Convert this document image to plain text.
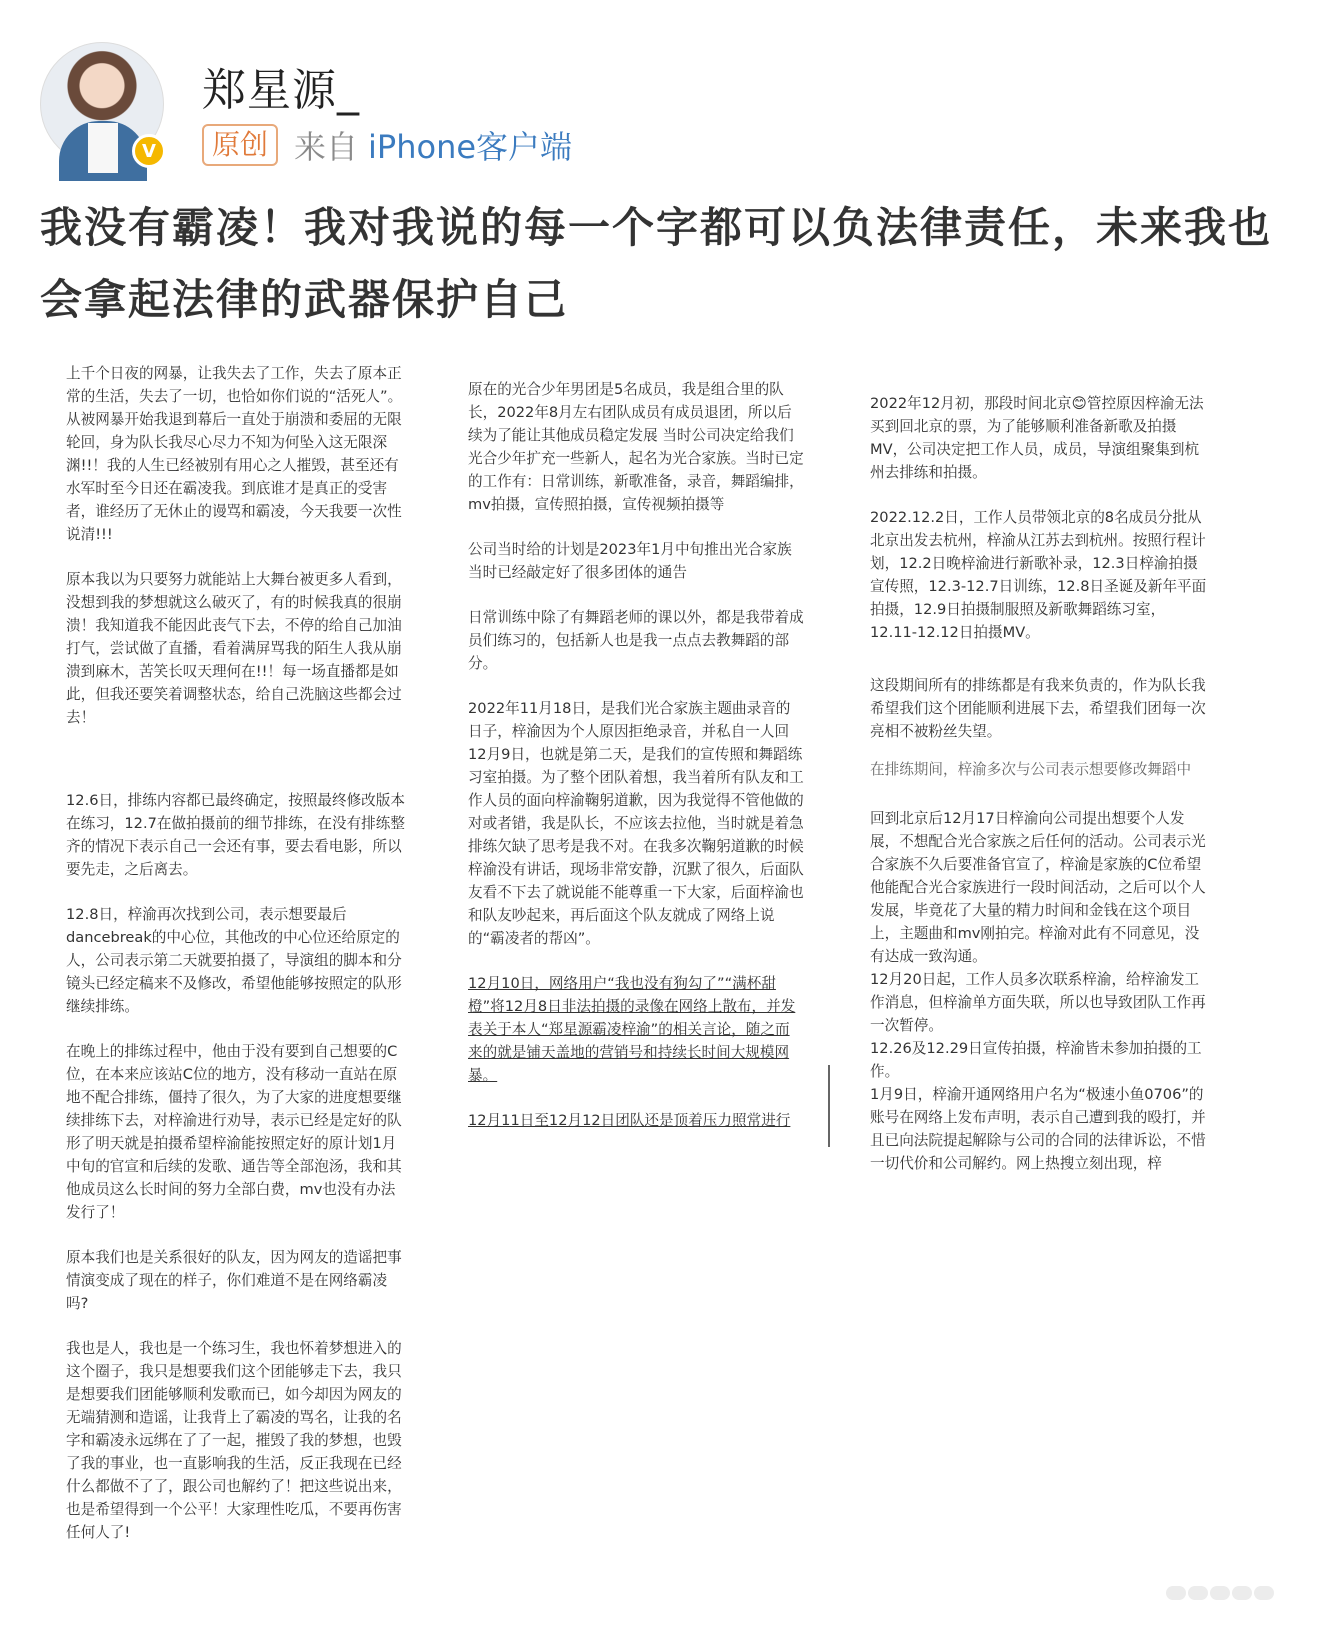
V
郑星源_
原创 来自 iPhone客户端
我没有霸凌！我对我说的每一个字都可以负法律责任，未来我也会拿起法律的武器保护自己

上千个日夜的网暴，让我失去了工作，失去了原本正常的生活，失去了一切，也恰如你们说的“活死人”。从被网暴开始我退到幕后一直处于崩溃和委屈的无限轮回，身为队长我尽心尽力不知为何坠入这无限深渊!!！我的人生已经被别有用心之人摧毁，甚至还有水军时至今日还在霸凌我。到底谁才是真正的受害者，谁经历了无休止的谩骂和霸凌，今天我要一次性说清!!!

原本我以为只要努力就能站上大舞台被更多人看到，没想到我的梦想就这么破灭了，有的时候我真的很崩溃！我知道我不能因此丧气下去，不停的给自己加油打气，尝试做了直播，看着满屏骂我的陌生人我从崩溃到麻木，苦笑长叹天理何在!!！每一场直播都是如此，但我还要笑着调整状态，给自己洗脑这些都会过去！

12.6日，排练内容都已最终确定，按照最终修改版本在练习，12.7在做拍摄前的细节排练，在没有排练整齐的情况下表示自己一会还有事，要去看电影，所以要先走，之后离去。

12.8日，梓渝再次找到公司，表示想要最后dancebreak的中心位，其他改的中心位还给原定的人，公司表示第二天就要拍摄了，导演组的脚本和分镜头已经定稿来不及修改，希望他能够按照定的队形继续排练。

在晚上的排练过程中，他由于没有要到自己想要的C位，在本来应该站C位的地方，没有移动一直站在原地不配合排练，僵持了很久，为了大家的进度想要继续排练下去，对梓渝进行劝导，表示已经是定好的队形了明天就是拍摄希望梓渝能按照定好的原计划1月中旬的官宣和后续的发歌、通告等全部泡汤，我和其他成员这么长时间的努力全部白费，mv也没有办法发行了！

原本我们也是关系很好的队友，因为网友的造谣把事情演变成了现在的样子，你们难道不是在网络霸凌吗?

我也是人，我也是一个练习生，我也怀着梦想进入的这个圈子，我只是想要我们这个团能够走下去，我只是想要我们团能够顺利发歌而已，如今却因为网友的无端猜测和造谣，让我背上了霸凌的骂名，让我的名字和霸凌永远绑在了了一起，摧毁了我的梦想，也毁了我的事业，也一直影响我的生活，反正我现在已经什么都做不了了，跟公司也解约了！把这些说出来，也是希望得到一个公平！大家理性吃瓜，不要再伤害任何人了!

原在的光合少年男团是5名成员，我是组合里的队长，2022年8月左右团队成员有成员退团，所以后续为了能让其他成员稳定发展 当时公司决定给我们光合少年扩充一些新人，起名为光合家族。当时已定的工作有：日常训练，新歌准备，录音，舞蹈编排，mv拍摄，宣传照拍摄，宣传视频拍摄等

公司当时给的计划是2023年1月中旬推出光合家族当时已经敲定好了很多团体的通告

日常训练中除了有舞蹈老师的课以外，都是我带着成员们练习的，包括新人也是我一点点去教舞蹈的部分。

2022年11月18日，是我们光合家族主题曲录音的日子，梓渝因为个人原因拒绝录音，并私自一人回12月9日，也就是第二天，是我们的宣传照和舞蹈练习室拍摄。为了整个团队着想，我当着所有队友和工作人员的面向梓渝鞠躬道歉，因为我觉得不管他做的对或者错，我是队长，不应该去拉他，当时就是着急排练欠缺了思考是我不对。在我多次鞠躬道歉的时候梓渝没有讲话，现场非常安静，沉默了很久，后面队友看不下去了就说能不能尊重一下大家，后面梓渝也和队友吵起来，再后面这个队友就成了网络上说的“霸凌者的帮凶”。

12月10日，网络用户“我也没有狗勾了”“满杯甜橙”将12月8日非法拍摄的录像在网络上散布，并发表关于本人“郑星源霸凌梓渝”的相关言论，随之而来的就是铺天盖地的营销号和持续长时间大规模网暴。

12月11日至12月12日团队还是顶着压力照常进行

2022年12月初，那段时间北京😊管控原因梓渝无法买到回北京的票，为了能够顺利准备新歌及拍摄MV，公司决定把工作人员，成员，导演组聚集到杭州去排练和拍摄。

2022.12.2日，工作人员带领北京的8名成员分批从北京出发去杭州，梓渝从江苏去到杭州。按照行程计划，12.2日晚梓渝进行新歌补录，12.3日梓渝拍摄宣传照，12.3-12.7日训练，12.8日圣诞及新年平面拍摄，12.9日拍摄制服照及新歌舞蹈练习室，12.11-12.12日拍摄MV。

这段期间所有的排练都是有我来负责的，作为队长我希望我们这个团能顺利进展下去，希望我们团每一次亮相不被粉丝失望。

在排练期间，梓渝多次与公司表示想要修改舞蹈中

回到北京后12月17日梓渝向公司提出想要个人发展，不想配合光合家族之后任何的活动。公司表示光合家族不久后要准备官宣了，梓渝是家族的C位希望他能配合光合家族进行一段时间活动，之后可以个人发展，毕竟花了大量的精力时间和金钱在这个项目上，主题曲和mv刚拍完。梓渝对此有不同意见，没有达成一致沟通。

12月20日起，工作人员多次联系梓渝，给梓渝发工作消息，但梓渝单方面失联，所以也导致团队工作再一次暂停。

12.26及12.29日宣传拍摄，梓渝皆未参加拍摄的工作。

1月9日，梓渝开通网络用户名为“极速小鱼0706”的账号在网络上发布声明，表示自己遭到我的殴打，并且已向法院提起解除与公司的合同的法律诉讼，不惜一切代价和公司解约。网上热搜立刻出现，梓
